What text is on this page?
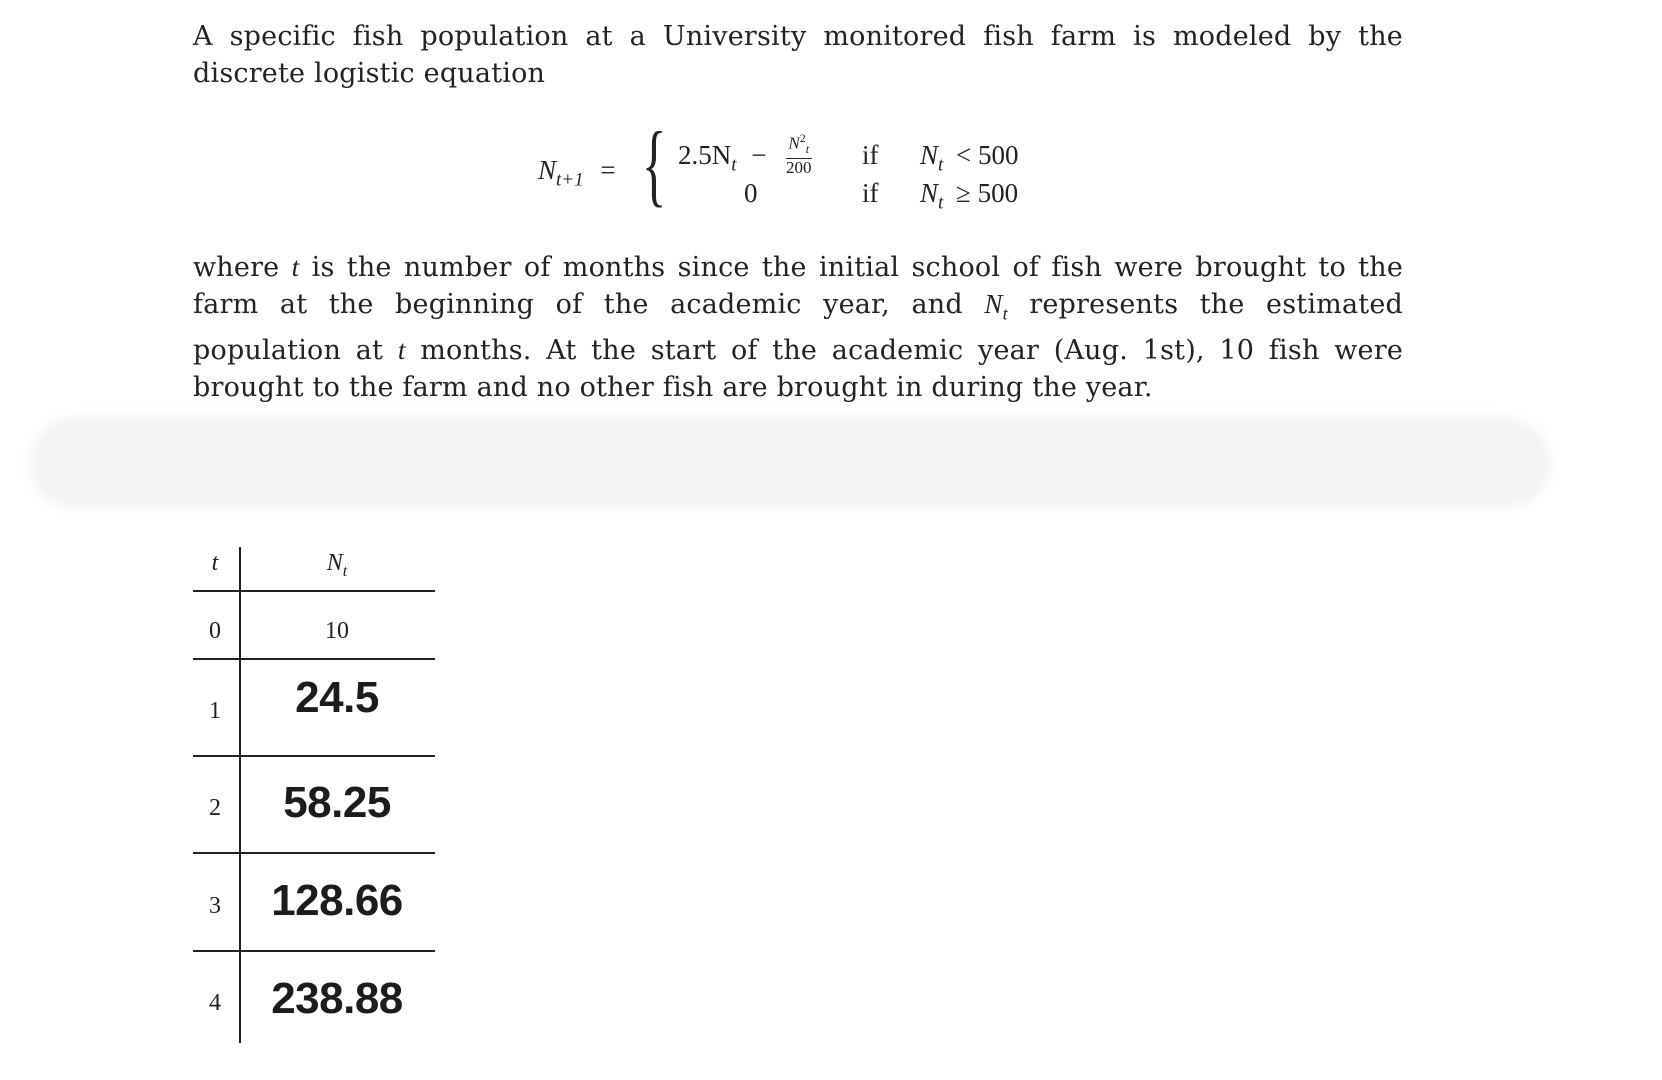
A specific fish population at a University monitored fish farm is modeled by the discrete logistic equation
$N_{t+1}$ = { $2.5N_t - \frac{N^2_t}{200}$
0
if
if
$N_t < 500$
$N_t \ge 500$
where t is the number of months since the initial school of fish were brought to the farm at the beginning of the academic year, and $N_t$ represents the estimated population at t months. At the start of the academic year (Aug. 1st), 10 fish were brought to the farm and no other fish are brought in during the year.
t	$N_t$
0	10
1	24.5
2	58.25
3	128.66
4	238.88
